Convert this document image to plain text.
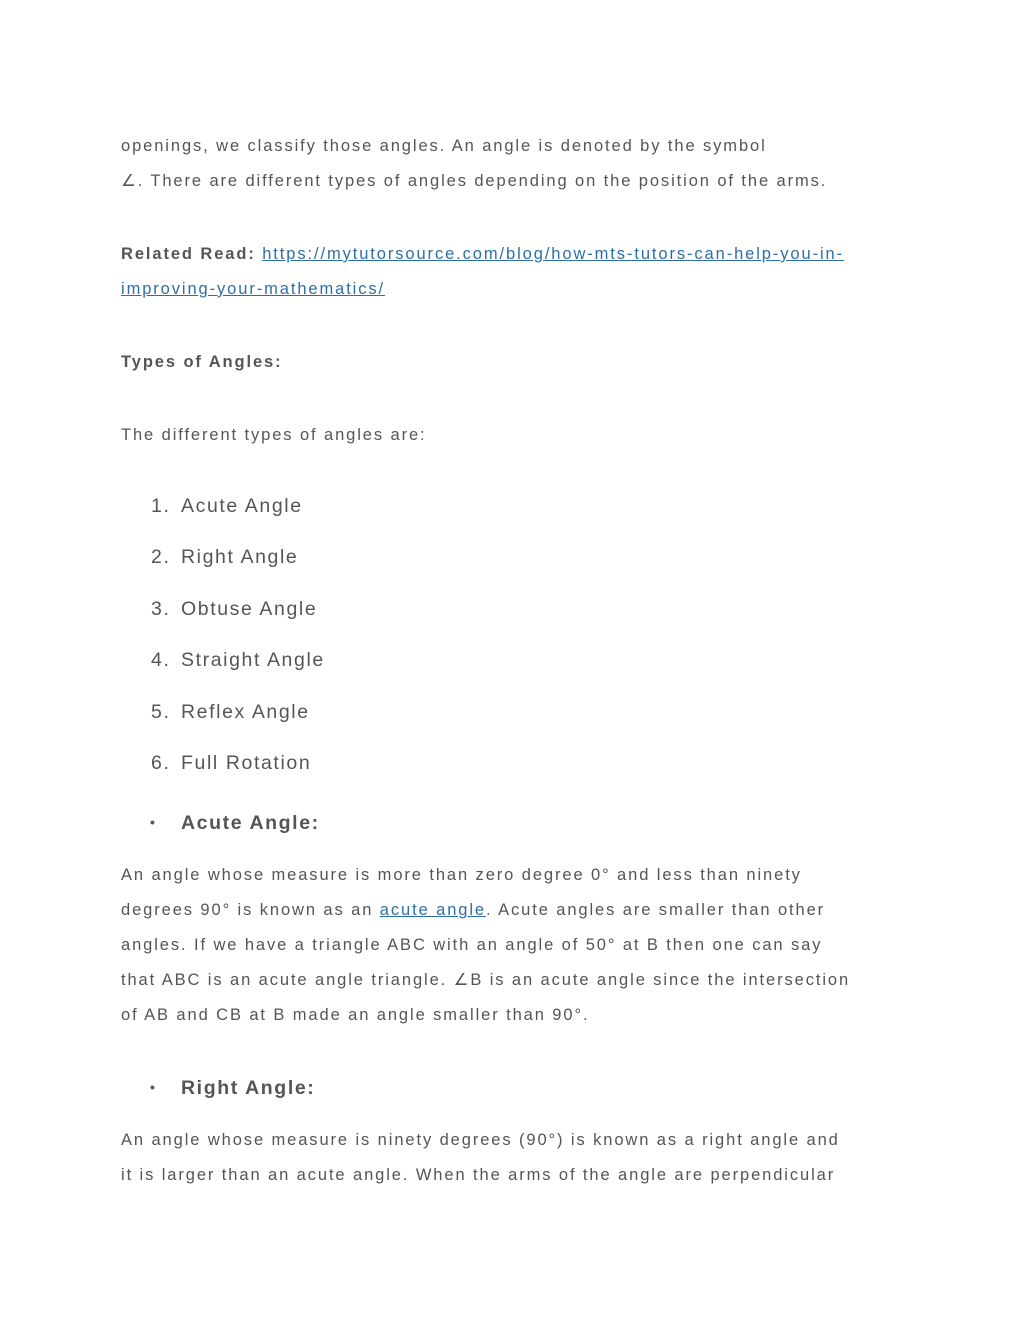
openings, we classify those angles. An angle is denoted by the symbol
∠. There are different types of angles depending on the position of the arms.
Related Read: https://mytutorsource.com/blog/how-mts-tutors-can-help-you-in-
improving-your-mathematics/
Types of Angles:
The different types of angles are:
1. Acute Angle
2. Right Angle
3. Obtuse Angle
4. Straight Angle
5. Reflex Angle
6. Full Rotation
• Acute Angle:
An angle whose measure is more than zero degree 0° and less than ninety
degrees 90° is known as an acute angle. Acute angles are smaller than other
angles. If we have a triangle ABC with an angle of 50° at B then one can say
that ABC is an acute angle triangle. ∠B is an acute angle since the intersection
of AB and CB at B made an angle smaller than 90°.
• Right Angle:
An angle whose measure is ninety degrees (90°) is known as a right angle and
it is larger than an acute angle. When the arms of the angle are perpendicular
